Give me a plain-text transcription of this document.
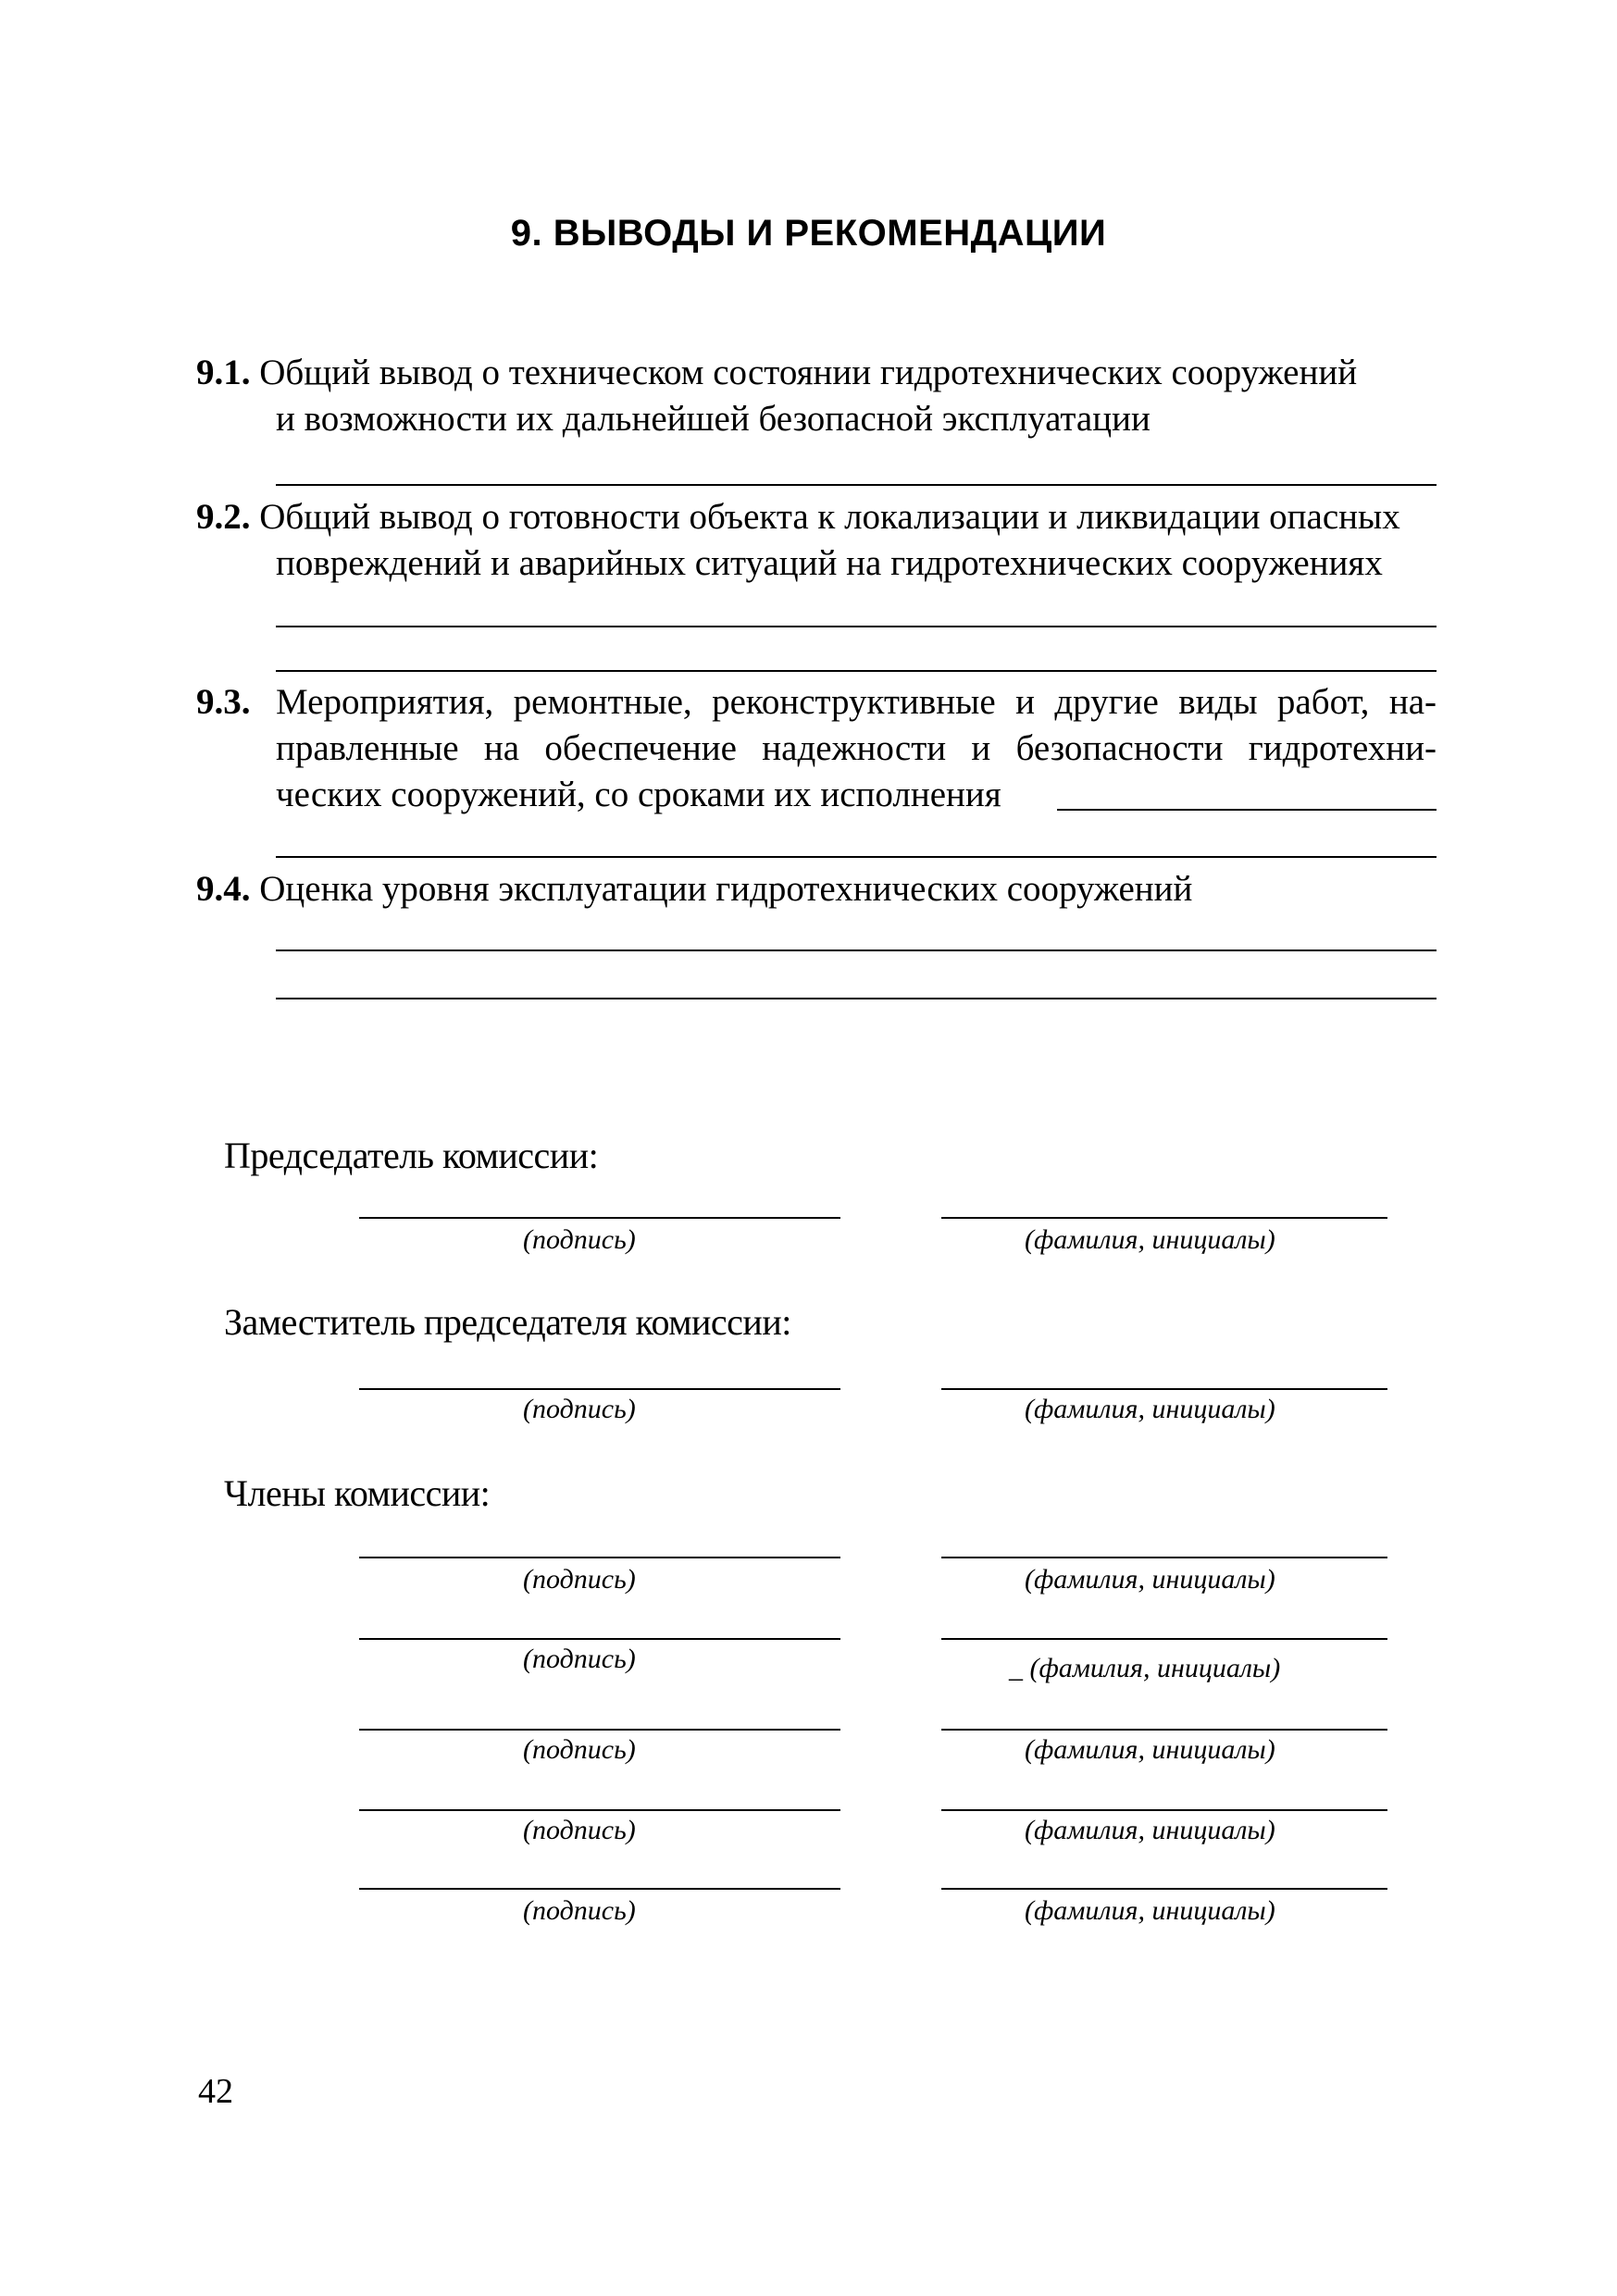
9. ВЫВОДЫ И РЕКОМЕНДАЦИИ
9.1. Общий вывод о техническом состоянии гидротехнических сооружений
и возможности их дальнейшей безопасной эксплуатации
9.2. Общий вывод о готовности объекта к локализации и ликвидации опасных
повреждений и аварийных ситуаций на гидротехнических сооружениях
9.3. Мероприятия, ремонтные, реконструктивные и другие виды работ, на-
правленные на обеспечение надежности и безопасности гидротехни-
ческих сооружений, со сроками их исполнения
9.4. Оценка уровня эксплуатации гидротехнических сооружений
Председатель комиссии:
(подпись)	(фамилия, инициалы)
Заместитель председателя комиссии:
(подпись)	(фамилия, инициалы)
Члены комиссии:
(подпись)	(фамилия, инициалы)
(подпись)	_ (фамилия, инициалы)
(подпись)	(фамилия, инициалы)
(подпись)	(фамилия, инициалы)
(подпись)	(фамилия, инициалы)
42
